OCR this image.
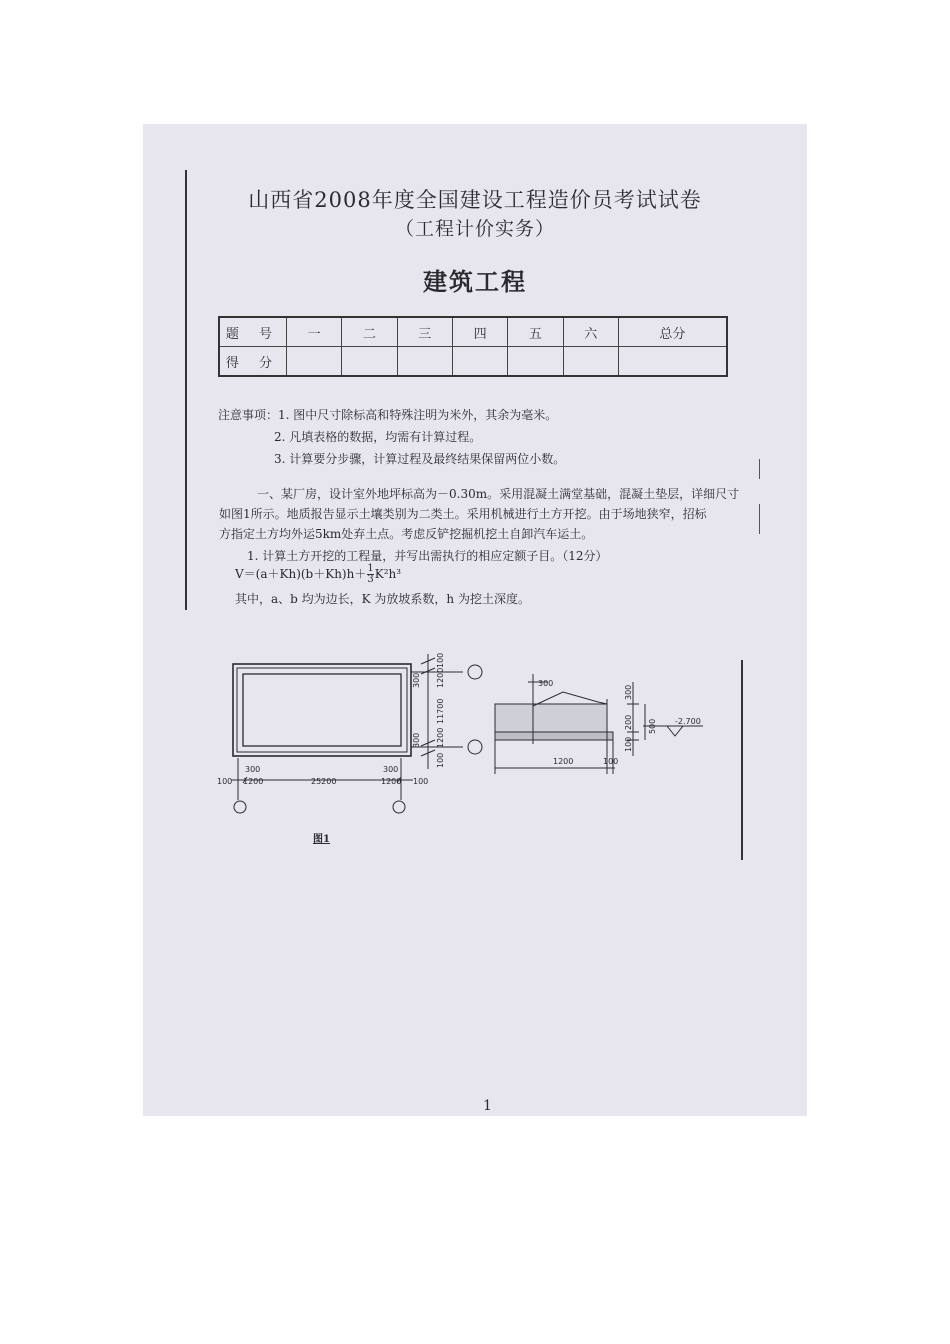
山西省2008年度全国建设工程造价员考试试卷
（工程计价实务）
建筑工程
题 号	一	二	三	四	五	六	总分
得 分							
注意事项：1. 图中尺寸除标高和特殊注明为米外，其余为毫米。
2. 凡填表格的数据，均需有计算过程。
3. 计算要分步骤，计算过程及最终结果保留两位小数。

一、某厂房，设计室外地坪标高为－0.30m。采用混凝土满堂基础，混凝土垫层，详细尺寸

如图1所示。地质报告显示土壤类别为二类土。采用机械进行土方开挖。由于场地狭窄，招标

方指定土方均外运5km处弃土点。考虑反铲挖掘机挖土自卸汽车运土。

1. 计算土方开挖的工程量，并写出需执行的相应定额子目。（12分）

$V=(a+Kh)(b+Kh)h+ \frac{1}{3} K^2h^3$
其中，a、b 均为边长，K 为放坡系数，h 为挖土深度。
100 1200	25200	1200 100
300	300
100
1200
300
11700
1200
300
100
300
300
500
200
100
-2.700
1200	100
图1
1
